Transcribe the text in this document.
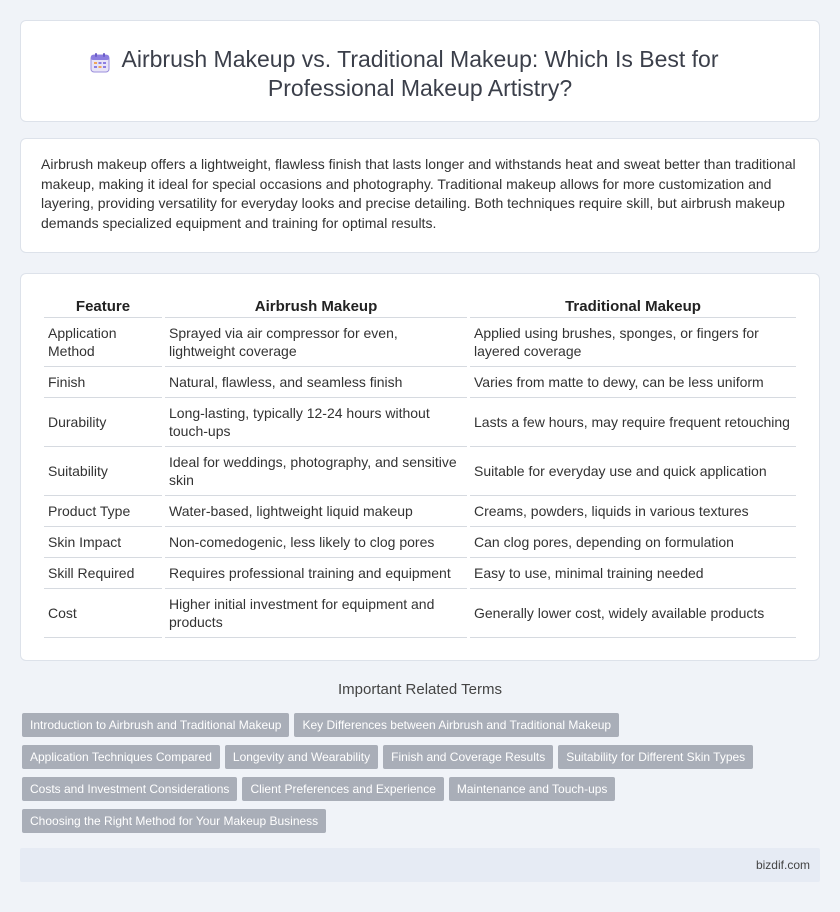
Airbrush Makeup vs. Traditional Makeup: Which Is Best for Professional Makeup Artistry?

Airbrush makeup offers a lightweight, flawless finish that lasts longer and withstands heat and sweat better than traditional makeup, making it ideal for special occasions and photography. Traditional makeup allows for more customization and layering, providing versatility for everyday looks and precise detailing. Both techniques require skill, but airbrush makeup demands specialized equipment and training for optimal results.

Feature	Airbrush Makeup	Traditional Makeup
Application Method	Sprayed via air compressor for even, lightweight coverage	Applied using brushes, sponges, or fingers for layered coverage
Finish	Natural, flawless, and seamless finish	Varies from matte to dewy, can be less uniform
Durability	Long-lasting, typically 12-24 hours without touch-ups	Lasts a few hours, may require frequent retouching
Suitability	Ideal for weddings, photography, and sensitive skin	Suitable for everyday use and quick application
Product Type	Water-based, lightweight liquid makeup	Creams, powders, liquids in various textures
Skin Impact	Non-comedogenic, less likely to clog pores	Can clog pores, depending on formulation
Skill Required	Requires professional training and equipment	Easy to use, minimal training needed
Cost	Higher initial investment for equipment and products	Generally lower cost, widely available products
Important Related Terms
Introduction to Airbrush and Traditional Makeup Key Differences between Airbrush and Traditional Makeup
Application Techniques Compared Longevity and Wearability Finish and Coverage Results Suitability for Different Skin Types
Costs and Investment Considerations Client Preferences and Experience Maintenance and Touch-ups
Choosing the Right Method for Your Makeup Business
bizdif.com
